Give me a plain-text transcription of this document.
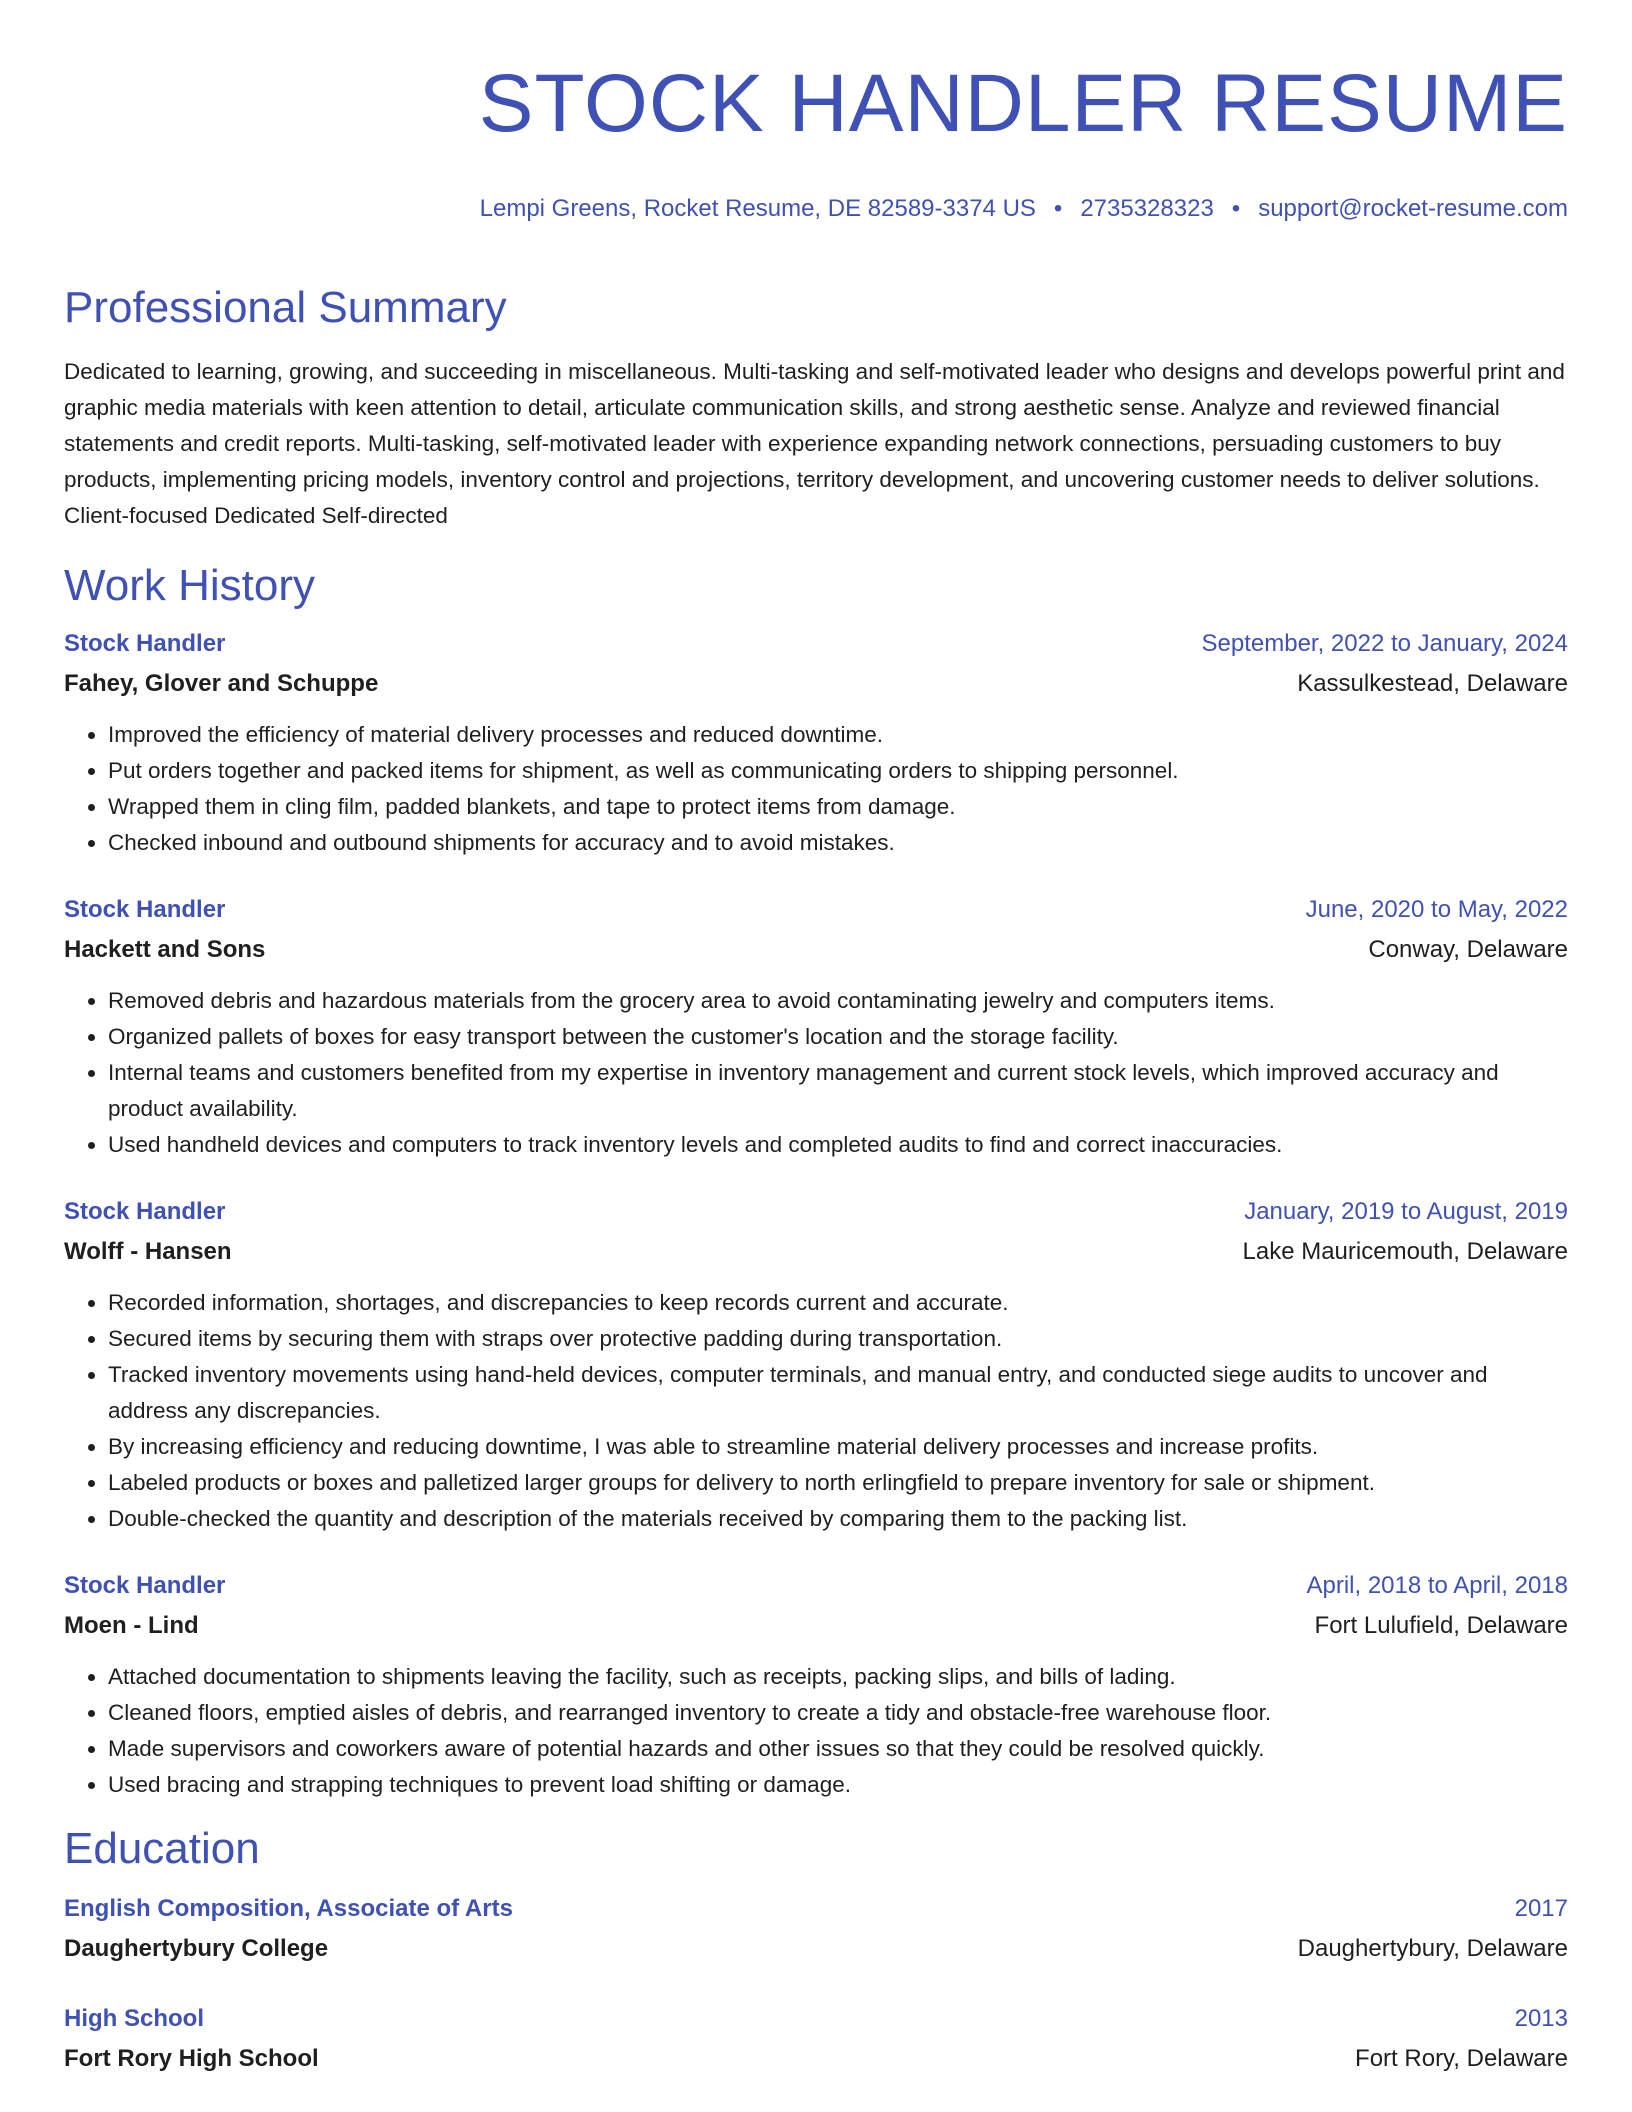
STOCK HANDLER RESUME
Lempi Greens, Rocket Resume, DE 82589-3374 US • 2735328323 • support@rocket-resume.com
Professional Summary
Dedicated to learning, growing, and succeeding in miscellaneous. Multi-tasking and self-motivated leader who designs and develops powerful print and graphic media materials with keen attention to detail, articulate communication skills, and strong aesthetic sense. Analyze and reviewed financial statements and credit reports. Multi-tasking, self-motivated leader with experience expanding network connections, persuading customers to buy products, implementing pricing models, inventory control and projections, territory development, and uncovering customer needs to deliver solutions. Client-focused Dedicated Self-directed
Work History
Stock Handler	September, 2022 to January, 2024
Fahey, Glover and Schuppe	Kassulkestead, Delaware
• Improved the efficiency of material delivery processes and reduced downtime.
• Put orders together and packed items for shipment, as well as communicating orders to shipping personnel.
• Wrapped them in cling film, padded blankets, and tape to protect items from damage.
• Checked inbound and outbound shipments for accuracy and to avoid mistakes.
Stock Handler	June, 2020 to May, 2022
Hackett and Sons	Conway, Delaware
• Removed debris and hazardous materials from the grocery area to avoid contaminating jewelry and computers items.
• Organized pallets of boxes for easy transport between the customer's location and the storage facility.
• Internal teams and customers benefited from my expertise in inventory management and current stock levels, which improved accuracy and product availability.
• Used handheld devices and computers to track inventory levels and completed audits to find and correct inaccuracies.
Stock Handler	January, 2019 to August, 2019
Wolff - Hansen	Lake Mauricemouth, Delaware
• Recorded information, shortages, and discrepancies to keep records current and accurate.
• Secured items by securing them with straps over protective padding during transportation.
• Tracked inventory movements using hand-held devices, computer terminals, and manual entry, and conducted siege audits to uncover and address any discrepancies.
• By increasing efficiency and reducing downtime, I was able to streamline material delivery processes and increase profits.
• Labeled products or boxes and palletized larger groups for delivery to north erlingfield to prepare inventory for sale or shipment.
• Double-checked the quantity and description of the materials received by comparing them to the packing list.
Stock Handler	April, 2018 to April, 2018
Moen - Lind	Fort Lulufield, Delaware
• Attached documentation to shipments leaving the facility, such as receipts, packing slips, and bills of lading.
• Cleaned floors, emptied aisles of debris, and rearranged inventory to create a tidy and obstacle-free warehouse floor.
• Made supervisors and coworkers aware of potential hazards and other issues so that they could be resolved quickly.
• Used bracing and strapping techniques to prevent load shifting or damage.
Education
English Composition, Associate of Arts	2017
Daughertybury College	Daughertybury, Delaware
High School	2013
Fort Rory High School	Fort Rory, Delaware
